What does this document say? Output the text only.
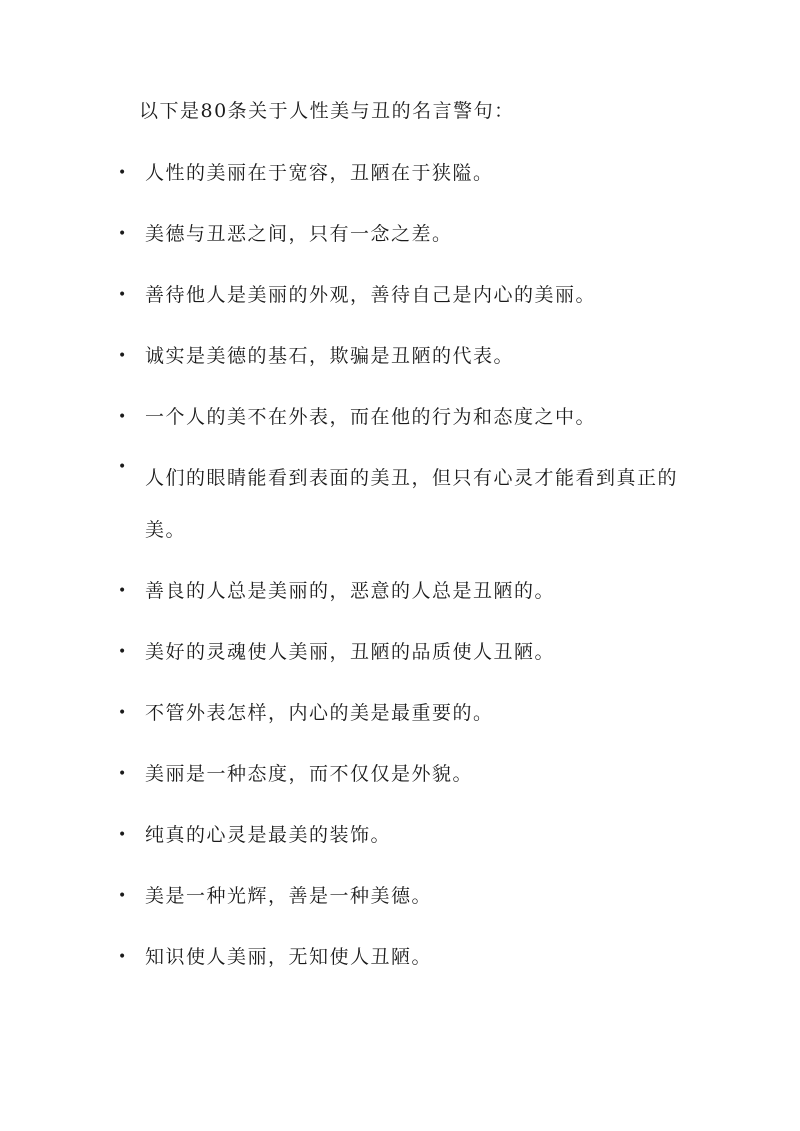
以下是80条关于人性美与丑的名言警句：
• 人性的美丽在于宽容，丑陋在于狭隘。
• 美德与丑恶之间，只有一念之差。
• 善待他人是美丽的外观，善待自己是内心的美丽。
• 诚实是美德的基石，欺骗是丑陋的代表。
• 一个人的美不在外表，而在他的行为和态度之中。
• 人们的眼睛能看到表面的美丑，但只有心灵才能看到真正的美。
• 善良的人总是美丽的，恶意的人总是丑陋的。
• 美好的灵魂使人美丽，丑陋的品质使人丑陋。
• 不管外表怎样，内心的美是最重要的。
• 美丽是一种态度，而不仅仅是外貌。
• 纯真的心灵是最美的装饰。
• 美是一种光辉，善是一种美德。
• 知识使人美丽，无知使人丑陋。
